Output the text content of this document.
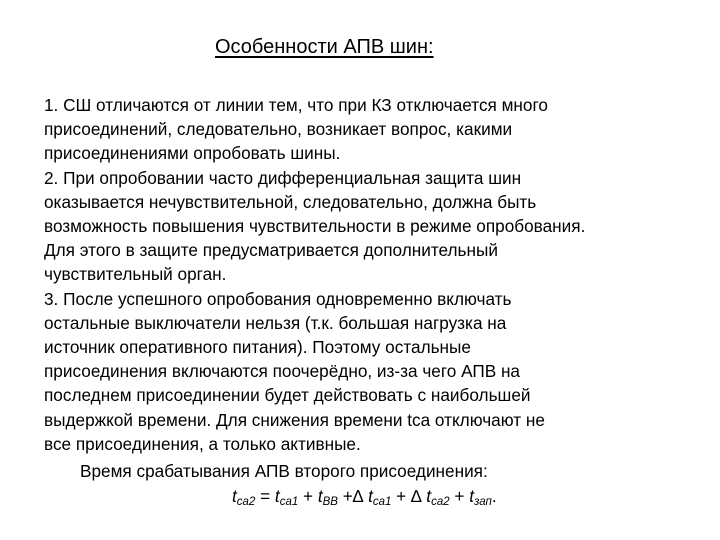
Особенности АПВ шин:
1. СШ отличаются от линии тем, что при КЗ отключается много
присоединений, следовательно, возникает вопрос, какими
присоединениями опробовать шины.
2. При опробовании часто дифференциальная защита шин
оказывается нечувствительной, следовательно, должна быть
возможность повышения чувствительности в режиме опробования.
Для этого в защите предусматривается дополнительный
чувствительный орган.
3. После успешного опробования одновременно включать
остальные выключатели нельзя (т.к. большая нагрузка на
источник оперативного питания). Поэтому остальные
присоединения включаются поочерёдно, из-за чего АПВ на
последнем присоединении будет действовать с наибольшей
выдержкой времени. Для снижения времени tca отключают не
все присоединения, а только активные.
Время срабатывания АПВ второго присоединения:
$t_{са2} = t_{са1} + t_{ВВ}$ +∆ $t_{са1}$ + ∆ $t_{са2} + t_{зап}$.
